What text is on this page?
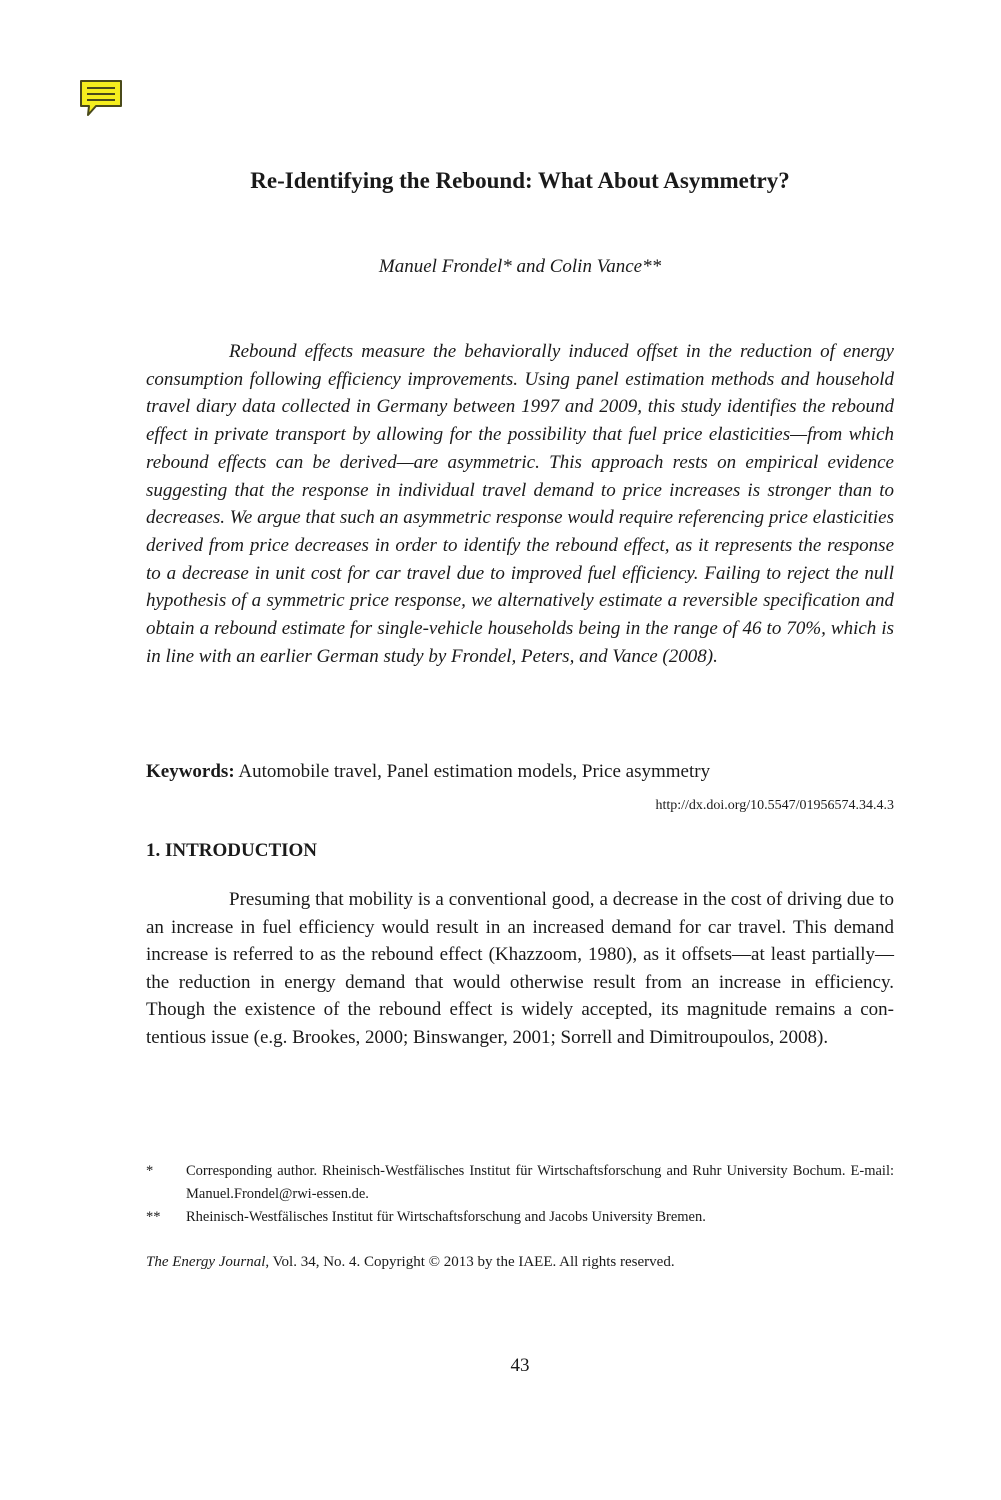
Re-Identifying the Rebound: What About Asymmetry?
Manuel Frondel* and Colin Vance**

Rebound effects measure the behaviorally induced offset in the reduction of energy consumption following efficiency improvements. Using panel estimation methods and household travel diary data collected in Germany between 1997 and 2009, this study identifies the rebound effect in private transport by allowing for the possibility that fuel price elasticities—from which rebound effects can be derived—are asymmetric. This approach rests on empirical evidence suggesting that the response in individual travel demand to price increases is stronger than to decreases. We argue that such an asymmetric response would require referencing price elasticities derived from price decreases in order to identify the rebound effect, as it represents the response to a decrease in unit cost for car travel due to improved fuel efficiency. Failing to reject the null hypothesis of a symmetric price response, we alternatively estimate a reversible specification and obtain a rebound estimate for single-vehicle households being in the range of 46 to 70%, which is in line with an earlier German study by Frondel, Peters, and Vance (2008).

Keywords: Automobile travel, Panel estimation models, Price asymmetry

http://dx.doi.org/10.5547/01956574.34.4.3
1. INTRODUCTION

Presuming that mobility is a conventional good, a decrease in the cost of driving due to an increase in fuel efficiency would result in an increased demand for car travel. This demand increase is referred to as the rebound effect (Khazzoom, 1980), as it offsets—at least partially—the reduction in energy demand that would otherwise result from an increase in efficiency. Though the existence of the rebound effect is widely accepted, its magnitude remains a contentious issue (e.g. Brookes, 2000; Binswanger, 2001; Sorrell and Dimitroupoulos, 2008).

*	Corresponding author. Rheinisch-Westfälisches Institut für Wirtschaftsforschung and Ruhr University Bochum. E-mail: Manuel.Frondel@rwi-essen.de.

**	Rheinisch-Westfälisches Institut für Wirtschaftsforschung and Jacobs University Bremen.

The Energy Journal, Vol. 34, No. 4. Copyright © 2013 by the IAEE. All rights reserved.

43
